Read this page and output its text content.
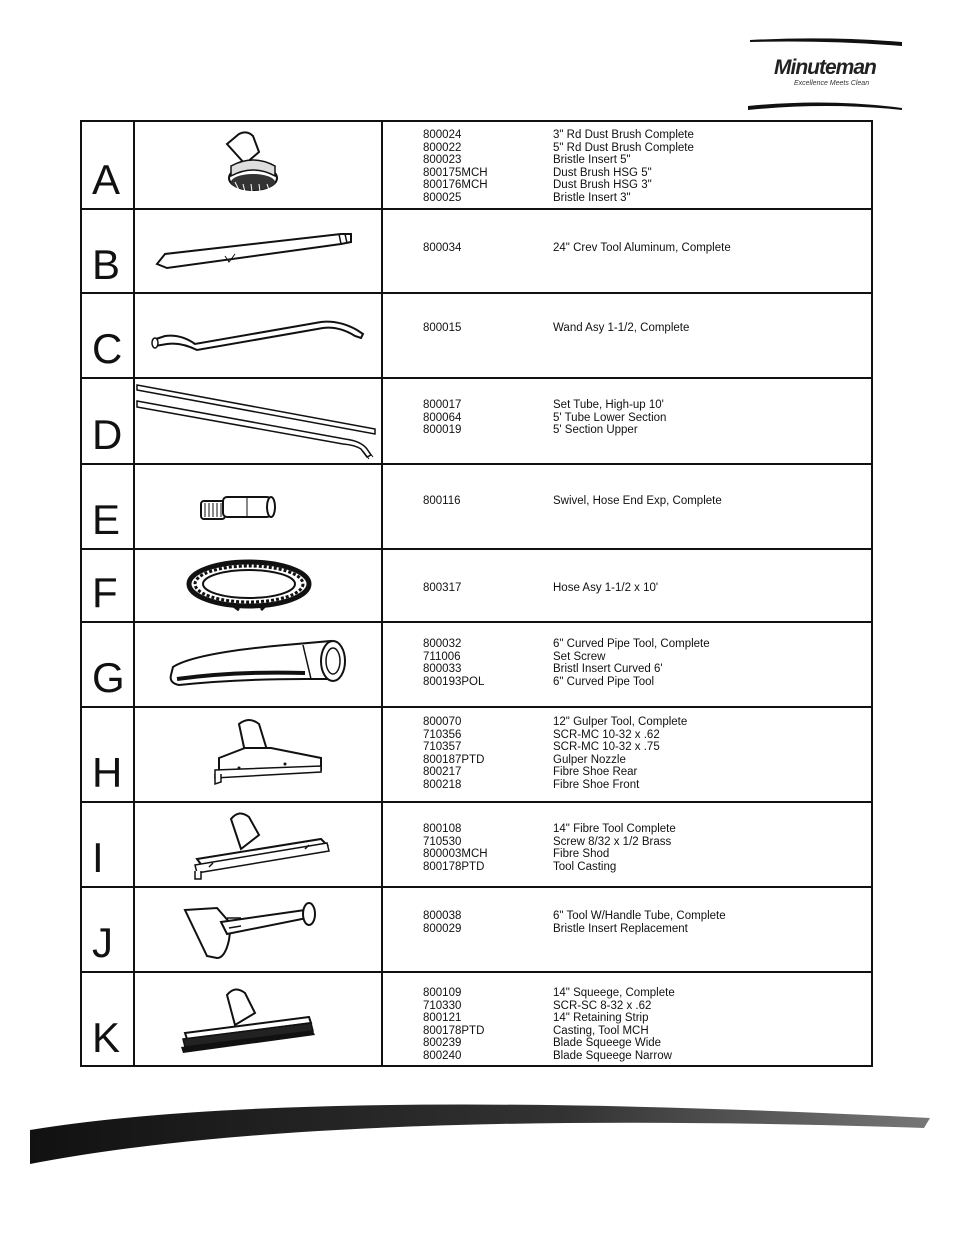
Minuteman
Excellence Meets Clean
A
800024	3" Rd Dust Brush Complete
800022	5" Rd Dust Brush Complete
800023	Bristle Insert 5"
800175MCH	Dust Brush HSG 5"
800176MCH	Dust Brush HSG 3"
800025	Bristle Insert 3"
B	800034	24" Crev Tool Aluminum, Complete
C	800015	Wand Asy 1-1/2, Complete
D
800017	Set Tube, High-up 10'
800064	5' Tube Lower Section
800019	5' Section Upper
E	800116	Swivel, Hose End Exp, Complete
F	800317	Hose Asy 1-1/2 x 10'
G
800032	6" Curved Pipe Tool, Complete
711006	Set Screw
800033	Bristl Insert Curved 6'
800193POL	6" Curved Pipe Tool
H
800070	12" Gulper Tool, Complete
710356	SCR-MC 10-32 x .62
710357	SCR-MC 10-32 x .75
800187PTD	Gulper Nozzle
800217	Fibre Shoe Rear
800218	Fibre Shoe Front
I
800108	14" Fibre Tool Complete
710530	Screw 8/32 x 1/2 Brass
800003MCH	Fibre Shod
800178PTD	Tool Casting
J
800038	6" Tool W/Handle Tube, Complete
800029	Bristle Insert Replacement
K
800109	14" Squeege, Complete
710330	SCR-SC 8-32 x .62
800121	14" Retaining Strip
800178PTD	Casting, Tool MCH
800239	Blade Squeege Wide
800240	Blade Squeege Narrow
